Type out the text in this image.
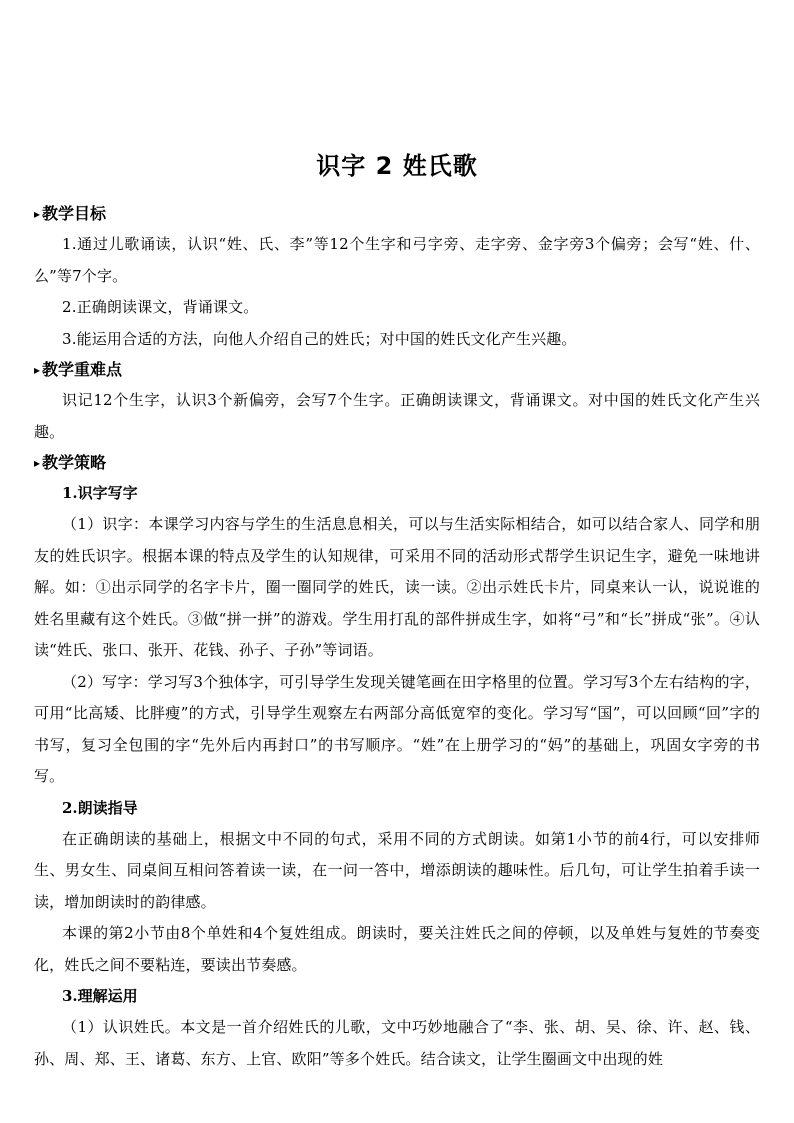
识字 2 姓氏歌
▸ 教学目标

1.通过儿歌诵读，认识“姓、氏、李”等12个生字和弓字旁、走字旁、金字旁3个偏旁；会写“姓、什、么”等7个字。

2.正确朗读课文，背诵课文。

3.能运用合适的方法，向他人介绍自己的姓氏；对中国的姓氏文化产生兴趣。

▸ 教学重难点

识记12个生字，认识3个新偏旁，会写7个生字。正确朗读课文，背诵课文。对中国的姓氏文化产生兴趣。

▸ 教学策略
1.识字写字

（1）识字：本课学习内容与学生的生活息息相关，可以与生活实际相结合，如可以结合家人、同学和朋友的姓氏识字。根据本课的特点及学生的认知规律，可采用不同的活动形式帮学生识记生字，避免一味地讲解。如：①出示同学的名字卡片，圈一圈同学的姓氏，读一读。②出示姓氏卡片，同桌来认一认，说说谁的姓名里藏有这个姓氏。③做“拼一拼”的游戏。学生用打乱的部件拼成生字，如将“弓”和“长”拼成“张”。④认读“姓氏、张口、张开、花钱、孙子、子孙”等词语。

（2）写字：学习写3个独体字，可引导学生发现关键笔画在田字格里的位置。学习写3个左右结构的字，可用“比高矮、比胖瘦”的方式，引导学生观察左右两部分高低宽窄的变化。学习写“国”，可以回顾“回”字的书写，复习全包围的字“先外后内再封口”的书写顺序。“姓”在上册学习的“妈”的基础上，巩固女字旁的书写。

2.朗读指导

在正确朗读的基础上，根据文中不同的句式，采用不同的方式朗读。如第1小节的前4行，可以安排师生、男女生、同桌间互相问答着读一读，在一问一答中，增添朗读的趣味性。后几句，可让学生拍着手读一读，增加朗读时的韵律感。

本课的第2小节由8个单姓和4个复姓组成。朗读时，要关注姓氏之间的停顿，以及单姓与复姓的节奏变化，姓氏之间不要粘连，要读出节奏感。

3.理解运用

（1）认识姓氏。本文是一首介绍姓氏的儿歌，文中巧妙地融合了“李、张、胡、吴、徐、许、赵、钱、孙、周、郑、王、诸葛、东方、上官、欧阳”等多个姓氏。结合读文，让学生圈画文中出现的姓
